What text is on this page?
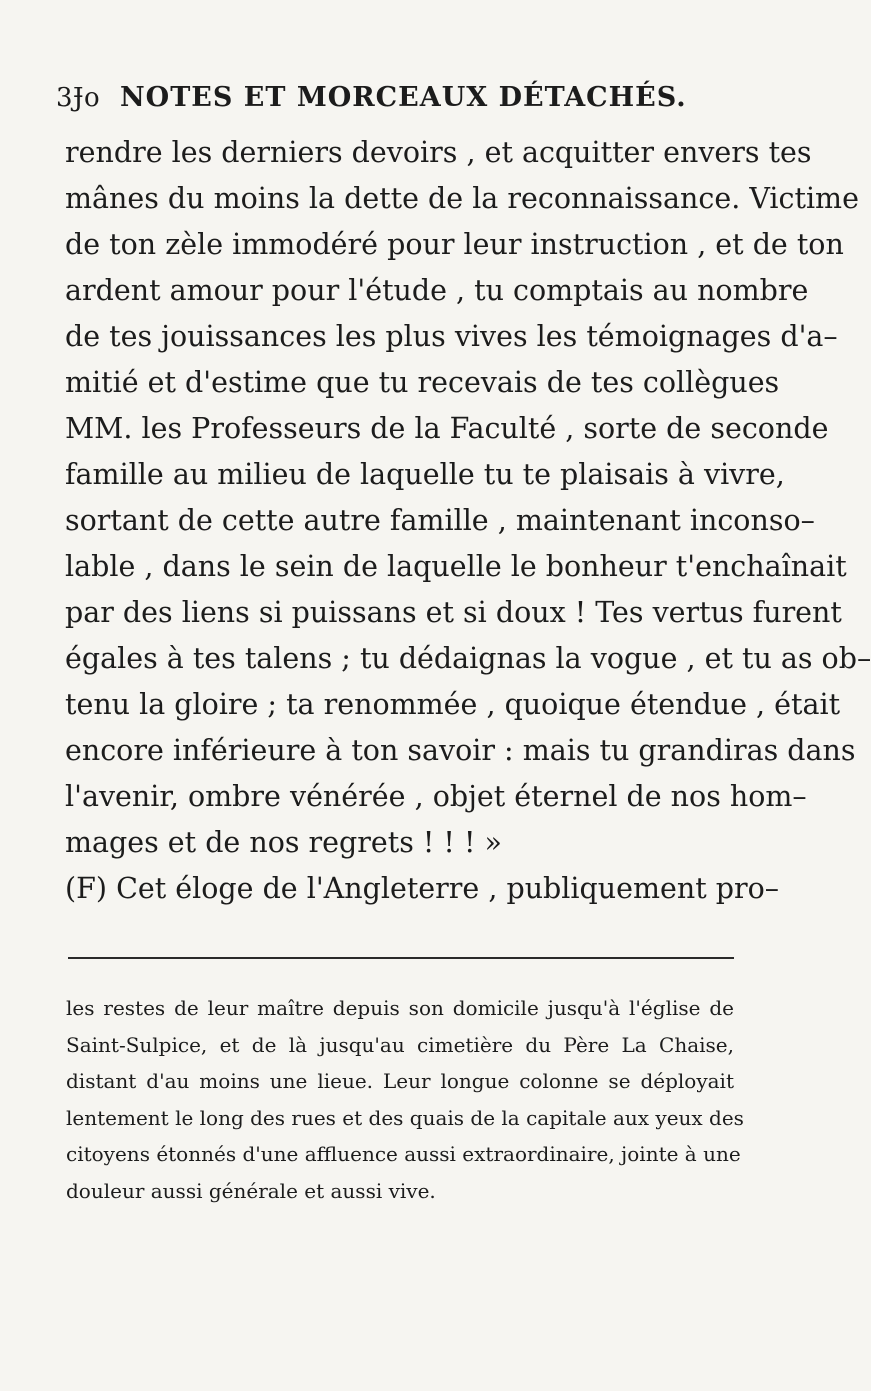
3Ɉo NOTES ET MORCEAUX DÉTACHÉS.
rendre les derniers devoirs , et acquitter envers tes
mânes du moins la dette de la reconnaissance. Victime
de ton zèle immodéré pour leur instruction , et de ton
ardent amour pour l'étude , tu comptais au nombre
de tes jouissances les plus vives les témoignages d'a–
mitié et d'estime que tu recevais de tes collègues
MM. les Professeurs de la Faculté , sorte de seconde
famille au milieu de laquelle tu te plaisais à vivre,
sortant de cette autre famille , maintenant inconso–
lable , dans le sein de laquelle le bonheur t'enchaînait
par des liens si puissans et si doux ! Tes vertus furent
égales à tes talens ; tu dédaignas la vogue , et tu as ob–
tenu la gloire ; ta renommée , quoique étendue , était
encore inférieure à ton savoir : mais tu grandiras dans
l'avenir, ombre vénérée , objet éternel de nos hom–
mages et de nos regrets ! ! ! »
(F) Cet éloge de l'Angleterre , publiquement pro–
les restes de leur maître depuis son domicile jusqu'à l'église de
Saint-Sulpice, et de là jusqu'au cimetière du Père La Chaise,
distant d'au moins une lieue. Leur longue colonne se déployait
lentement le long des rues et des quais de la capitale aux yeux des
citoyens étonnés d'une affluence aussi extraordinaire, jointe à une
douleur aussi générale et aussi vive.
